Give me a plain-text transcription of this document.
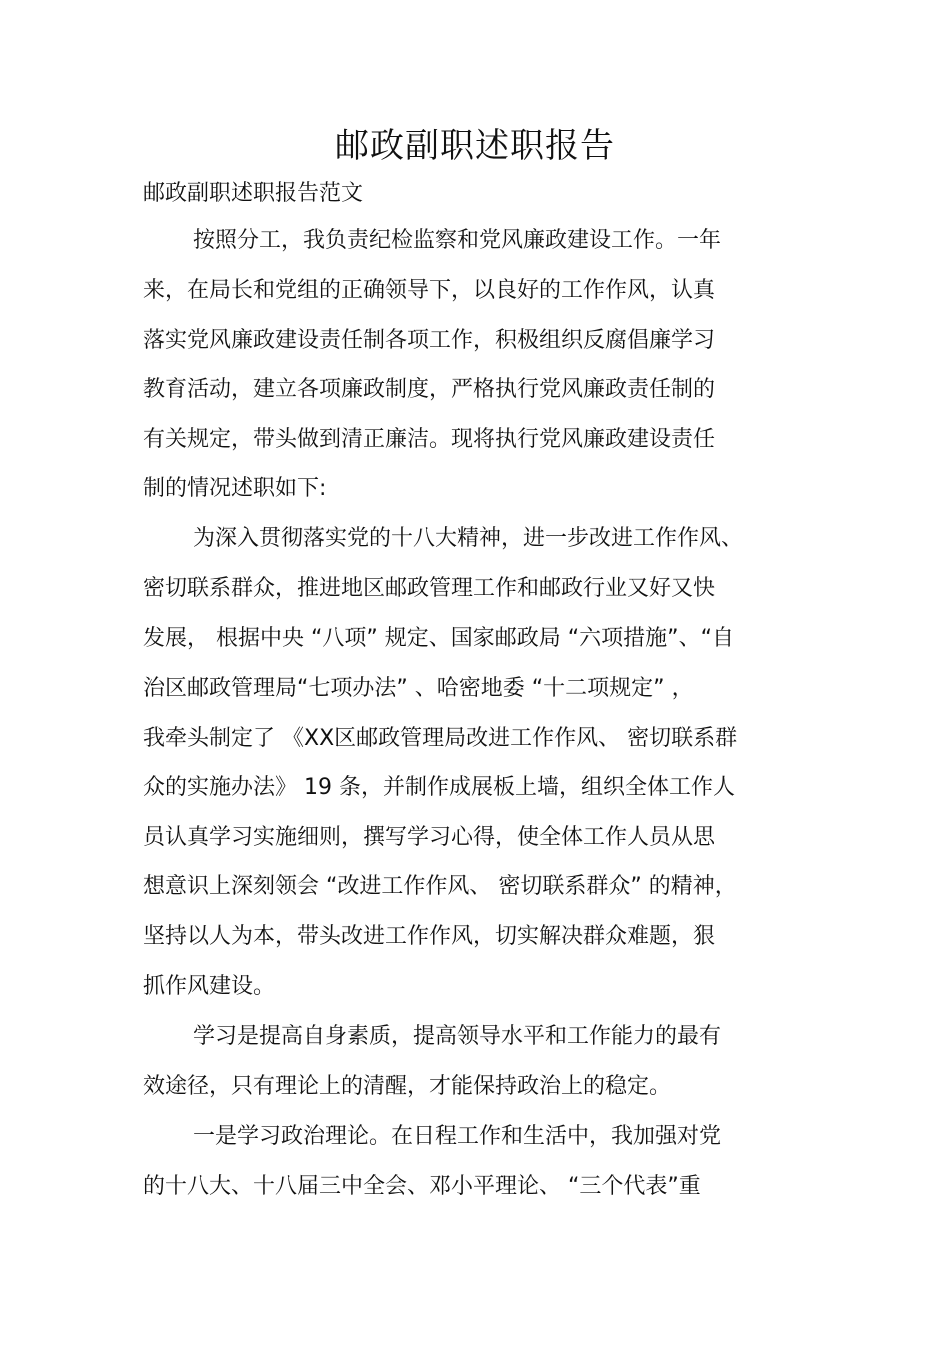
邮政副职述职报告
邮政副职述职报告范文
按照分工，我负责纪检监察和党风廉政建设工作。一年
来，在局长和党组的正确领导下，以良好的工作作风，认真
落实党风廉政建设责任制各项工作，积极组织反腐倡廉学习
教育活动，建立各项廉政制度，严格执行党风廉政责任制的
有关规定，带头做到清正廉洁。现将执行党风廉政建设责任
制的情况述职如下:
为深入贯彻落实党的十八大精神，进一步改进工作作风、
密切联系群众，推进地区邮政管理工作和邮政行业又好又快
发展， 根据中央 “八项” 规定、国家邮政局 “六项措施”、“自
治区邮政管理局“七项办法” 、哈密地委 “十二项规定” ，
我牵头制定了 《XX区邮政管理局改进工作作风、 密切联系群
众的实施办法》 19 条，并制作成展板上墙，组织全体工作人
员认真学习实施细则，撰写学习心得，使全体工作人员从思
想意识上深刻领会 “改进工作作风、 密切联系群众” 的精神，
坚持以人为本，带头改进工作作风，切实解决群众难题，狠
抓作风建设。
学习是提高自身素质，提高领导水平和工作能力的最有
效途径，只有理论上的清醒，才能保持政治上的稳定。
一是学习政治理论。在日程工作和生活中，我加强对党
的十八大、十八届三中全会、邓小平理论、 “三个代表”重
